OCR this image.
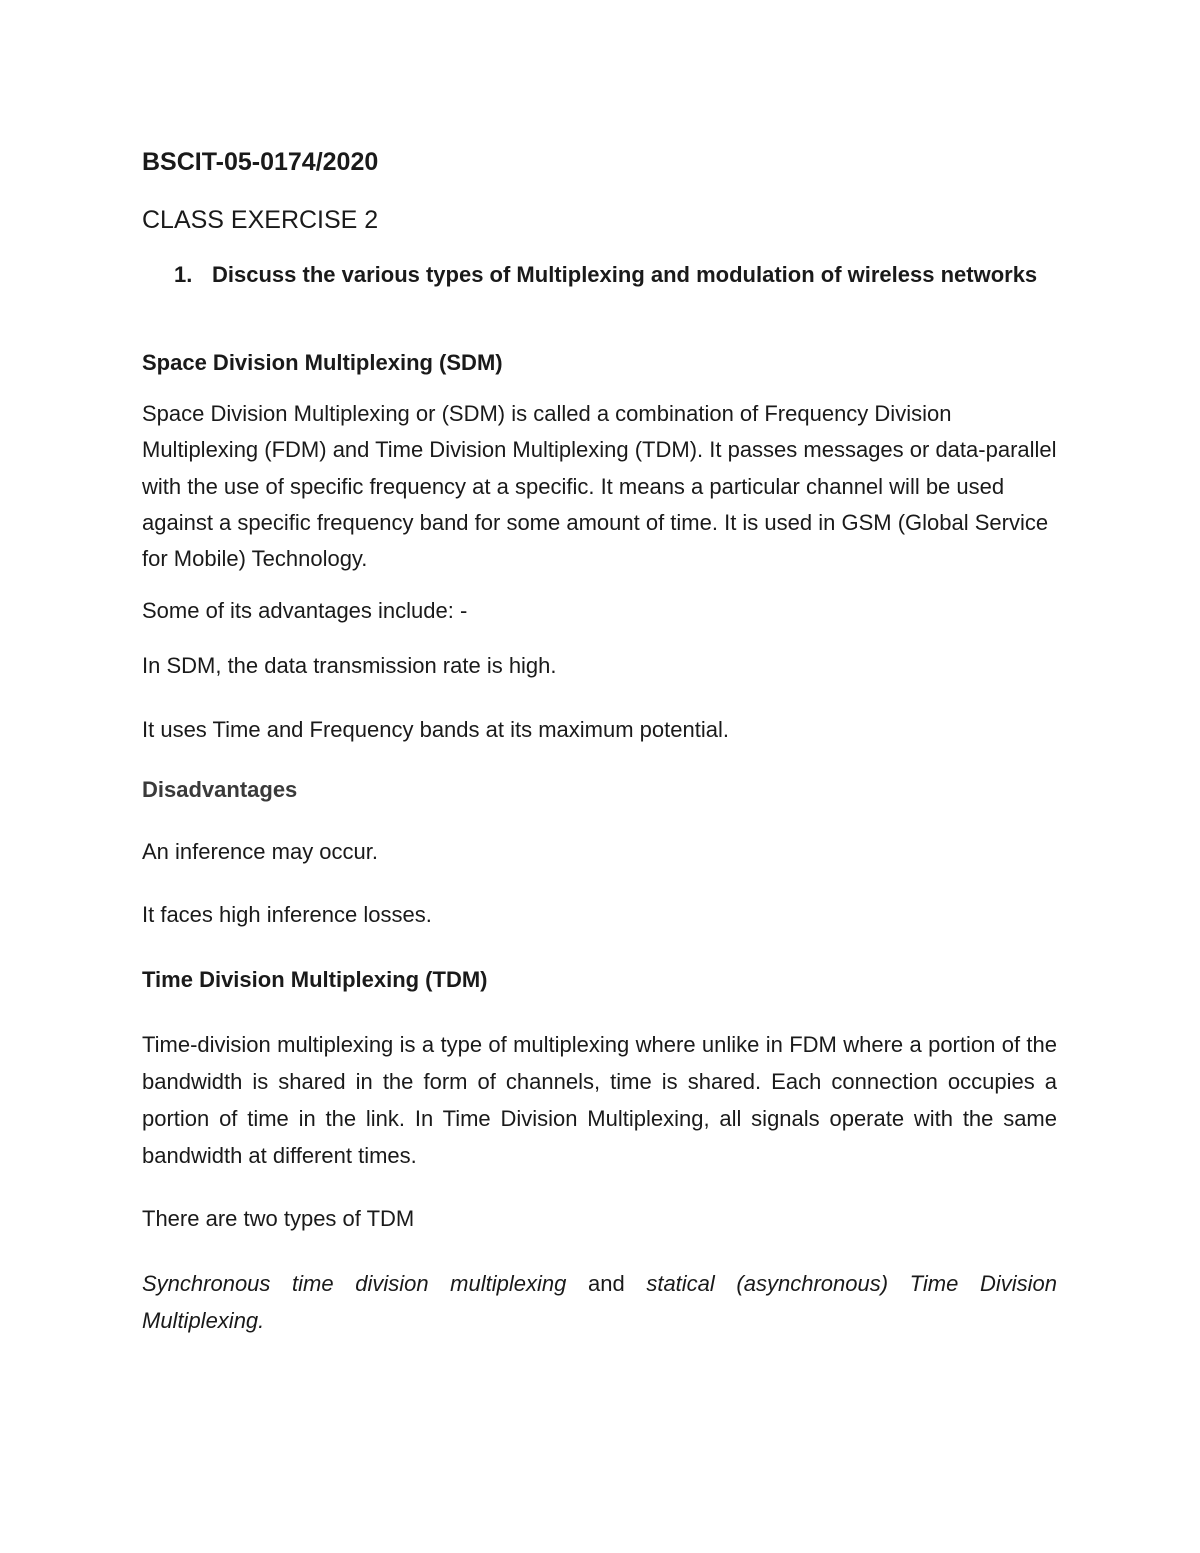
BSCIT-05-0174/2020

CLASS EXERCISE 2

1. Discuss the various types of Multiplexing and modulation of wireless networks

Space Division Multiplexing (SDM)

Space Division Multiplexing or (SDM) is called a combination of Frequency Division Multiplexing (FDM) and Time Division Multiplexing (TDM). It passes messages or data-parallel with the use of specific frequency at a specific. It means a particular channel will be used against a specific frequency band for some amount of time. It is used in GSM (Global Service for Mobile) Technology.

Some of its advantages include: -

In SDM, the data transmission rate is high.

It uses Time and Frequency bands at its maximum potential.

Disadvantages

An inference may occur.

It faces high inference losses.

Time Division Multiplexing (TDM)

Time-division multiplexing is a type of multiplexing where unlike in FDM where a portion of the bandwidth is shared in the form of channels, time is shared. Each connection occupies a portion of time in the link. In Time Division Multiplexing, all signals operate with the same bandwidth at different times.

There are two types of TDM

Synchronous time division multiplexing and statical (asynchronous) Time Division Multiplexing.
